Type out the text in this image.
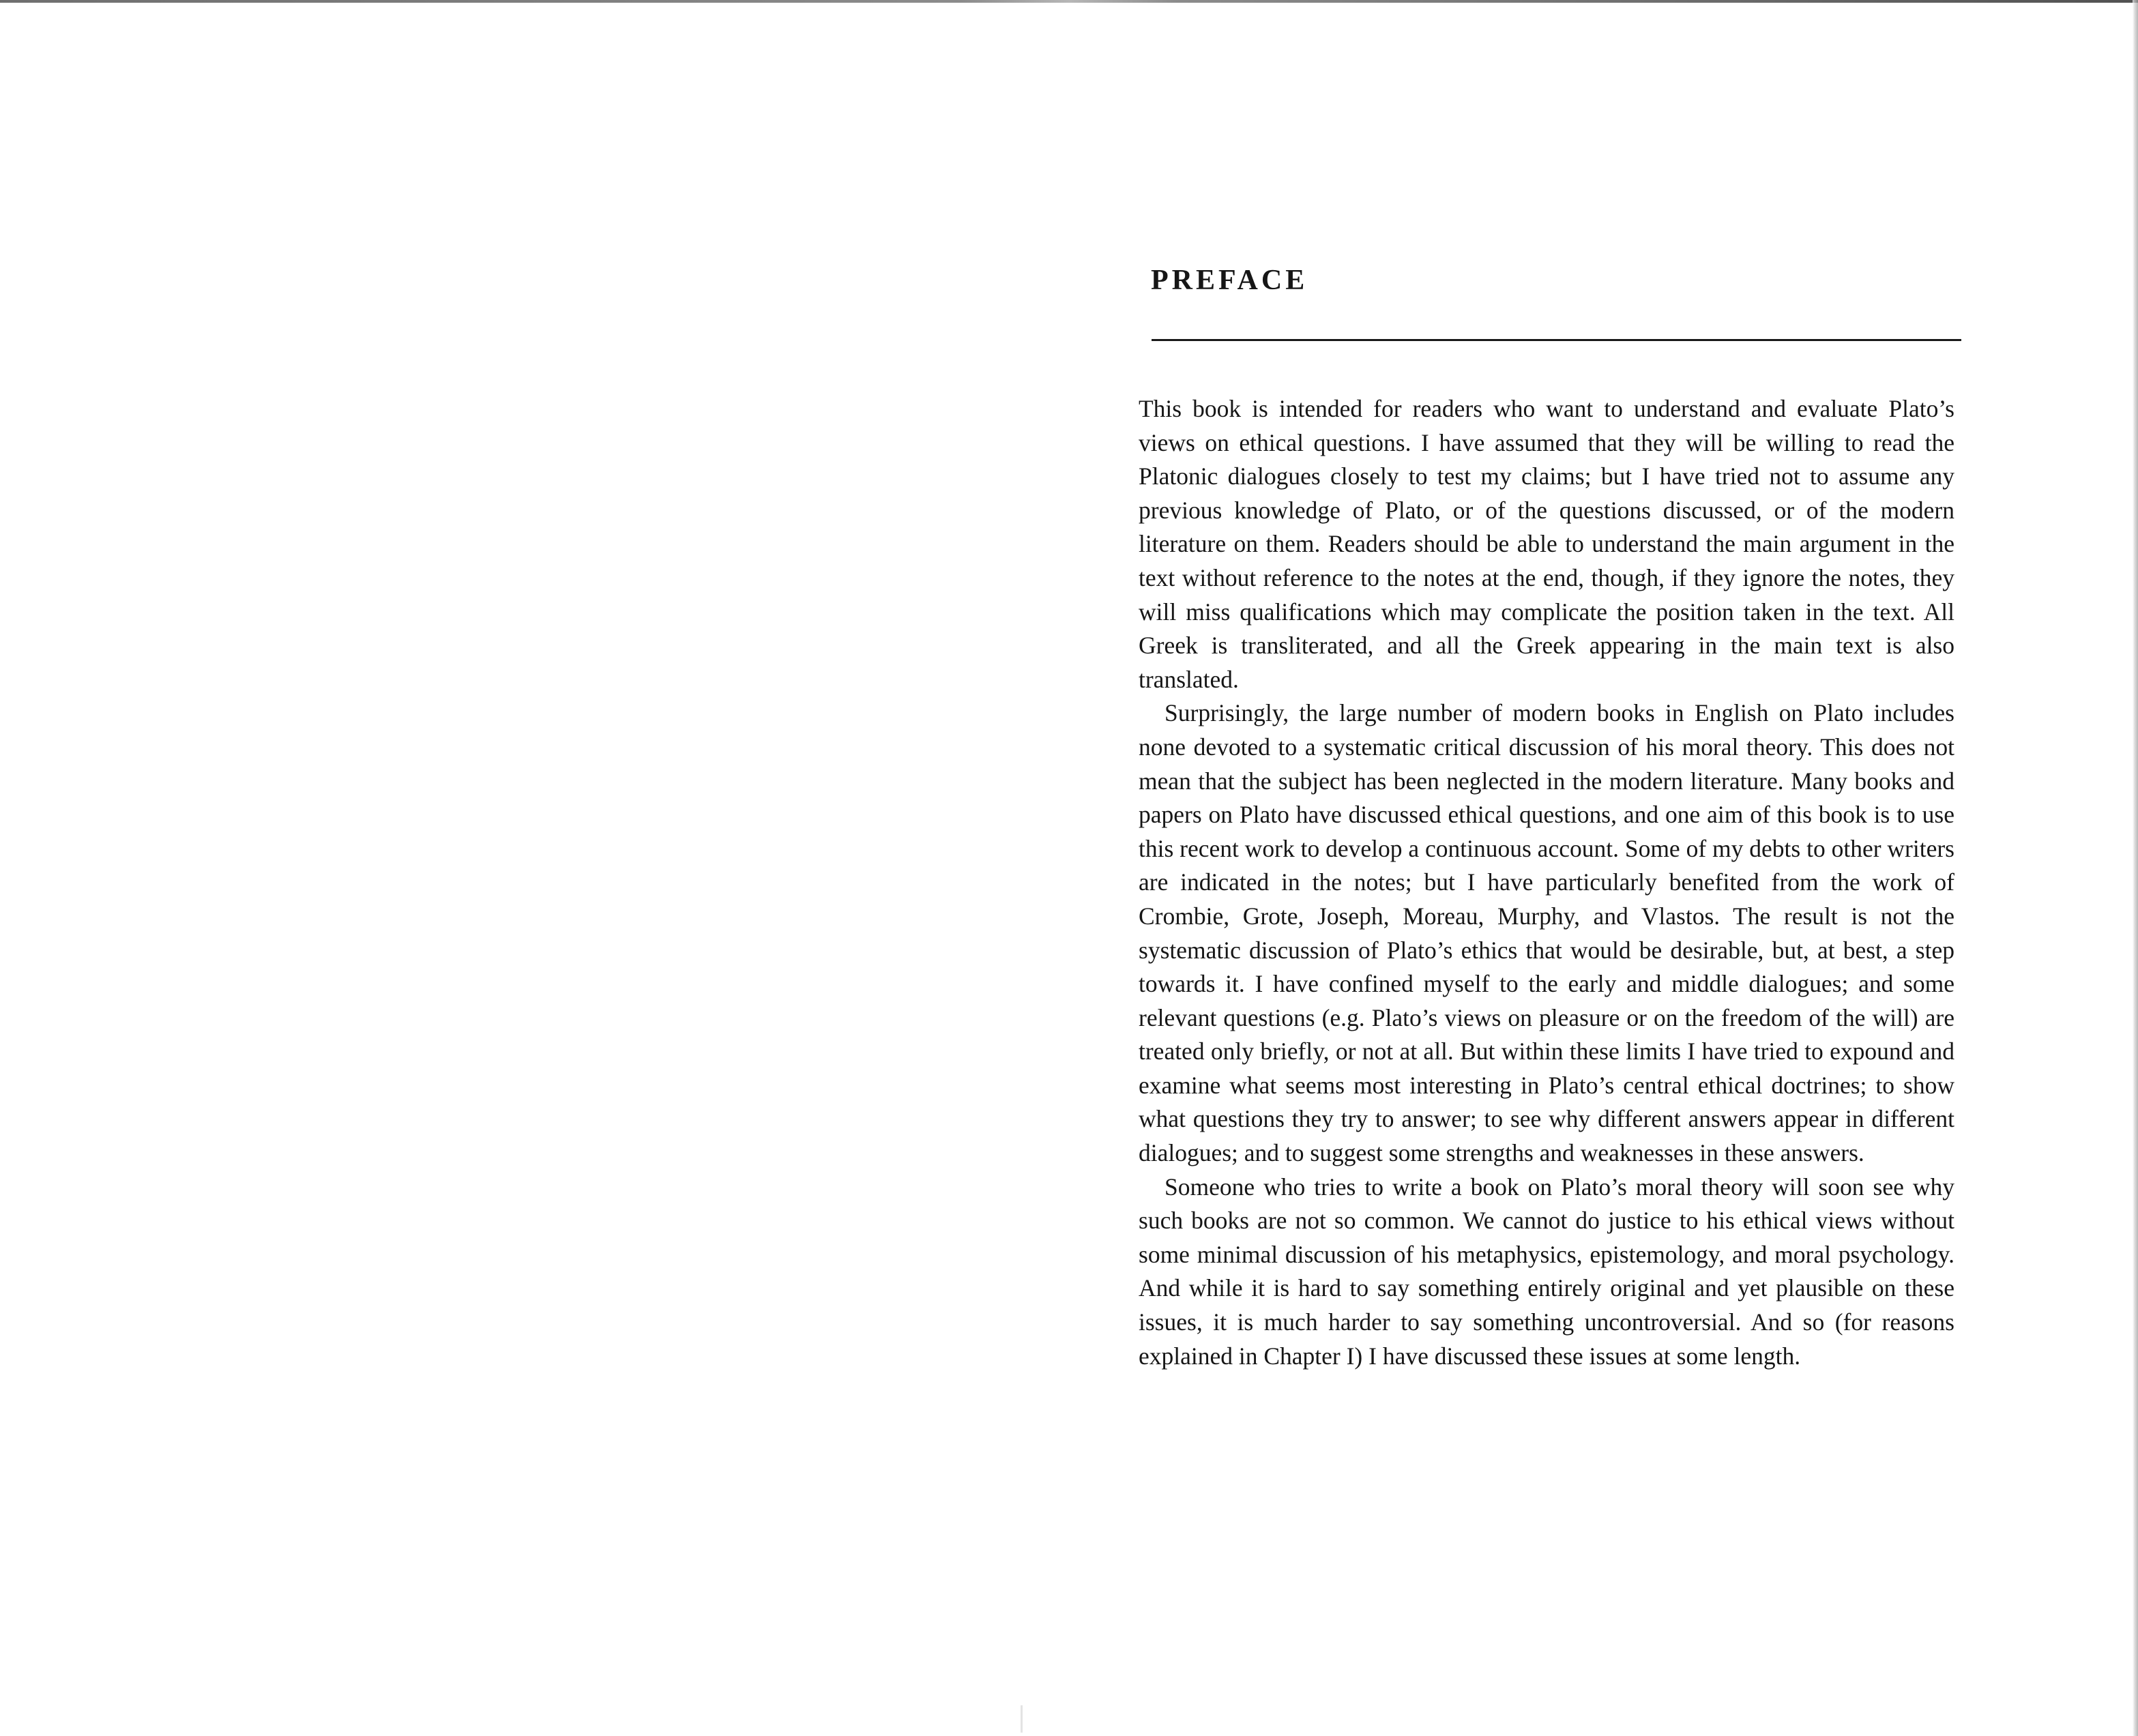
PREFACE

This book is intended for readers who want to understand and evaluate Plato’s views on ethical questions. I have assumed that they will be willing to read the Platonic dialogues closely to test my claims; but I have tried not to assume any previous knowledge of Plato, or of the questions discussed, or of the modern literature on them. Readers should be able to understand the main argument in the text without reference to the notes at the end, though, if they ignore the notes, they will miss qualifications which may complicate the position taken in the text. All Greek is transliterated, and all the Greek appearing in the main text is also translated.

Surprisingly, the large number of modern books in English on Plato includes none devoted to a systematic critical discussion of his moral theory. This does not mean that the subject has been neglected in the modern literature. Many books and papers on Plato have discussed ethical questions, and one aim of this book is to use this recent work to develop a continuous account. Some of my debts to other writers are indicated in the notes; but I have particularly benefited from the work of Crombie, Grote, Joseph, Moreau, Murphy, and Vlastos. The result is not the systematic discussion of Plato’s ethics that would be desirable, but, at best, a step towards it. I have confined myself to the early and middle dialogues; and some relevant questions (e.g. Plato’s views on pleasure or on the freedom of the will) are treated only briefly, or not at all. But within these limits I have tried to expound and examine what seems most interesting in Plato’s central ethical doctrines; to show what questions they try to answer; to see why different answers appear in different dialogues; and to suggest some strengths and weaknesses in these answers.

Someone who tries to write a book on Plato’s moral theory will soon see why such books are not so common. We cannot do justice to his ethical views without some minimal discussion of his metaphysics, epistemology, and moral psychology. And while it is hard to say something entirely original and yet plausible on these issues, it is much harder to say something uncontroversial. And so (for reasons explained in Chapter I) I have discussed these issues at some length.
